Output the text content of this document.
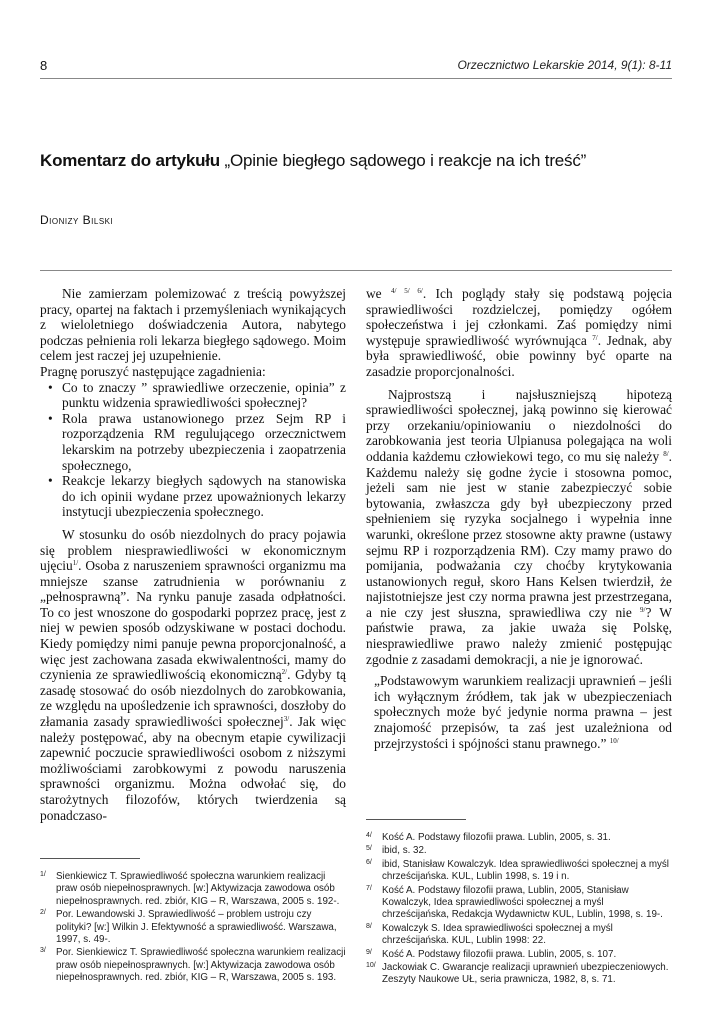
8	Orzecznictwo Lekarskie 2014, 9(1): 8-11
Komentarz do artykułu „Opinie biegłego sądowego i reakcje na ich treść”
Dionizy Bilski

Nie zamierzam polemizować z treścią powyższej pracy, opartej na faktach i przemyśleniach wynikających z wieloletniego doświadczenia Autora, nabytego podczas pełnienia roli lekarza biegłego sądowego. Moim celem jest raczej jej uzupełnienie.

Pragnę poruszyć następujące zagadnienia:

• Co to znaczy ” sprawiedliwe orzeczenie, opinia” z punktu widzenia sprawiedliwości społecznej?
• Rola prawa ustanowionego przez Sejm RP i rozporządzenia RM regulującego orzecznictwem lekarskim na potrzeby ubezpieczenia i zaopatrzenia społecznego,
• Reakcje lekarzy biegłych sądowych na stanowiska do ich opinii wydane przez upoważnionych lekarzy instytucji ubezpieczenia społecznego.

W stosunku do osób niezdolnych do pracy pojawia się problem niesprawiedliwości w ekonomicznym ujęciu$^{1/}$. Osoba z naruszeniem sprawności organizmu ma mniejsze szanse zatrudnienia w porównaniu z „pełnosprawną”. Na rynku panuje zasada odpłatności. To co jest wnoszone do gospodarki poprzez pracę, jest z niej w pewien sposób odzyskiwane w postaci dochodu. Kiedy pomiędzy nimi panuje pewna proporcjonalność, a więc jest zachowana zasada ekwiwalentności, mamy do czynienia ze sprawiedliwością ekonomiczną$^{2/}$. Gdyby tą zasadę stosować do osób niezdolnych do zarobkowania, ze względu na upośledzenie ich sprawności, doszłoby do złamania zasady sprawiedliwości społecznej$^{3/}$. Jak więc należy postępować, aby na obecnym etapie cywilizacji zapewnić poczucie sprawiedliwości osobom z niższymi możliwościami zarobkowymi z powodu naruszenia sprawności organizmu. Można odwołać się, do starożytnych filozofów, których twierdzenia są ponadczaso-

we $^{4/ 5/ 6/}$. Ich poglądy stały się podstawą pojęcia sprawiedliwości rozdzielczej, pomiędzy ogółem społeczeństwa i jej członkami. Zaś pomiędzy nimi występuje sprawiedliwość wyrównująca $^{7/}$. Jednak, aby była sprawiedliwość, obie powinny być oparte na zasadzie proporcjonalności.

Najprostszą i najsłuszniejszą hipotezą sprawiedliwości społecznej, jaką powinno się kierować przy orzekaniu/opiniowaniu o niezdolności do zarobkowania jest teoria Ulpianusa polegająca na woli oddania każdemu człowiekowi tego, co mu się należy $^{8/}$. Każdemu należy się godne życie i stosowna pomoc, jeżeli sam nie jest w stanie zabezpieczyć sobie bytowania, zwłaszcza gdy był ubezpieczony przed spełnieniem się ryzyka socjalnego i wypełnia inne warunki, określone przez stosowne akty prawne (ustawy sejmu RP i rozporządzenia RM). Czy mamy prawo do pomijania, podważania czy choćby krytykowania ustanowionych reguł, skoro Hans Kelsen twierdził, że najistotniejsze jest czy norma prawna jest przestrzegana, a nie czy jest słuszna, sprawiedliwa czy nie $^{9/}$? W państwie prawa, za jakie uważa się Polskę, niesprawiedliwe prawo należy zmienić postępując zgodnie z zasadami demokracji, a nie je ignorować.

„Podstawowym warunkiem realizacji uprawnień – jeśli ich wyłącznym źródłem, tak jak w ubezpieczeniach społecznych może być jedynie norma prawna – jest znajomość przepisów, ta zaś jest uzależniona od przejrzystości i spójności stanu prawnego.” $^{10/}$

1/ Sienkiewicz T. Sprawiedliwość społeczna warunkiem realizacji praw osób niepełnosprawnych. [w:] Aktywizacja zawodowa osób niepełnosprawnych. red. zbiór, KIG – R, Warszawa, 2005 s. 192-.
2/ Por. Lewandowski J. Sprawiedliwość – problem ustroju czy polityki? [w:] Wilkin J. Efektywność a sprawiedliwość. Warszawa, 1997, s. 49-.
3/ Por. Sienkiewicz T. Sprawiedliwość społeczna warunkiem realizacji praw osób niepełnosprawnych. [w:] Aktywizacja zawodowa osób niepełnosprawnych. red. zbiór, KIG – R, Warszawa, 2005 s. 193.
4/ Kość A. Podstawy filozofii prawa. Lublin, 2005, s. 31.
5/ ibid, s. 32.
6/ ibid, Stanisław Kowalczyk. Idea sprawiedliwości społecznej a myśl chrześcijańska. KUL, Lublin 1998, s. 19 i n.
7/ Kość A. Podstawy filozofii prawa, Lublin, 2005, Stanisław Kowalczyk, Idea sprawiedliwości społecznej a myśl chrześcijańska, Redakcja Wydawnictw KUL, Lublin, 1998, s. 19-.
8/ Kowalczyk S. Idea sprawiedliwości społecznej a myśl chrześcijańska. KUL, Lublin 1998: 22.
9/ Kość A. Podstawy filozofii prawa. Lublin, 2005, s. 107.
10/ Jackowiak C. Gwarancje realizacji uprawnień ubezpieczeniowych. Zeszyty Naukowe UŁ, seria prawnicza, 1982, 8, s. 71.
